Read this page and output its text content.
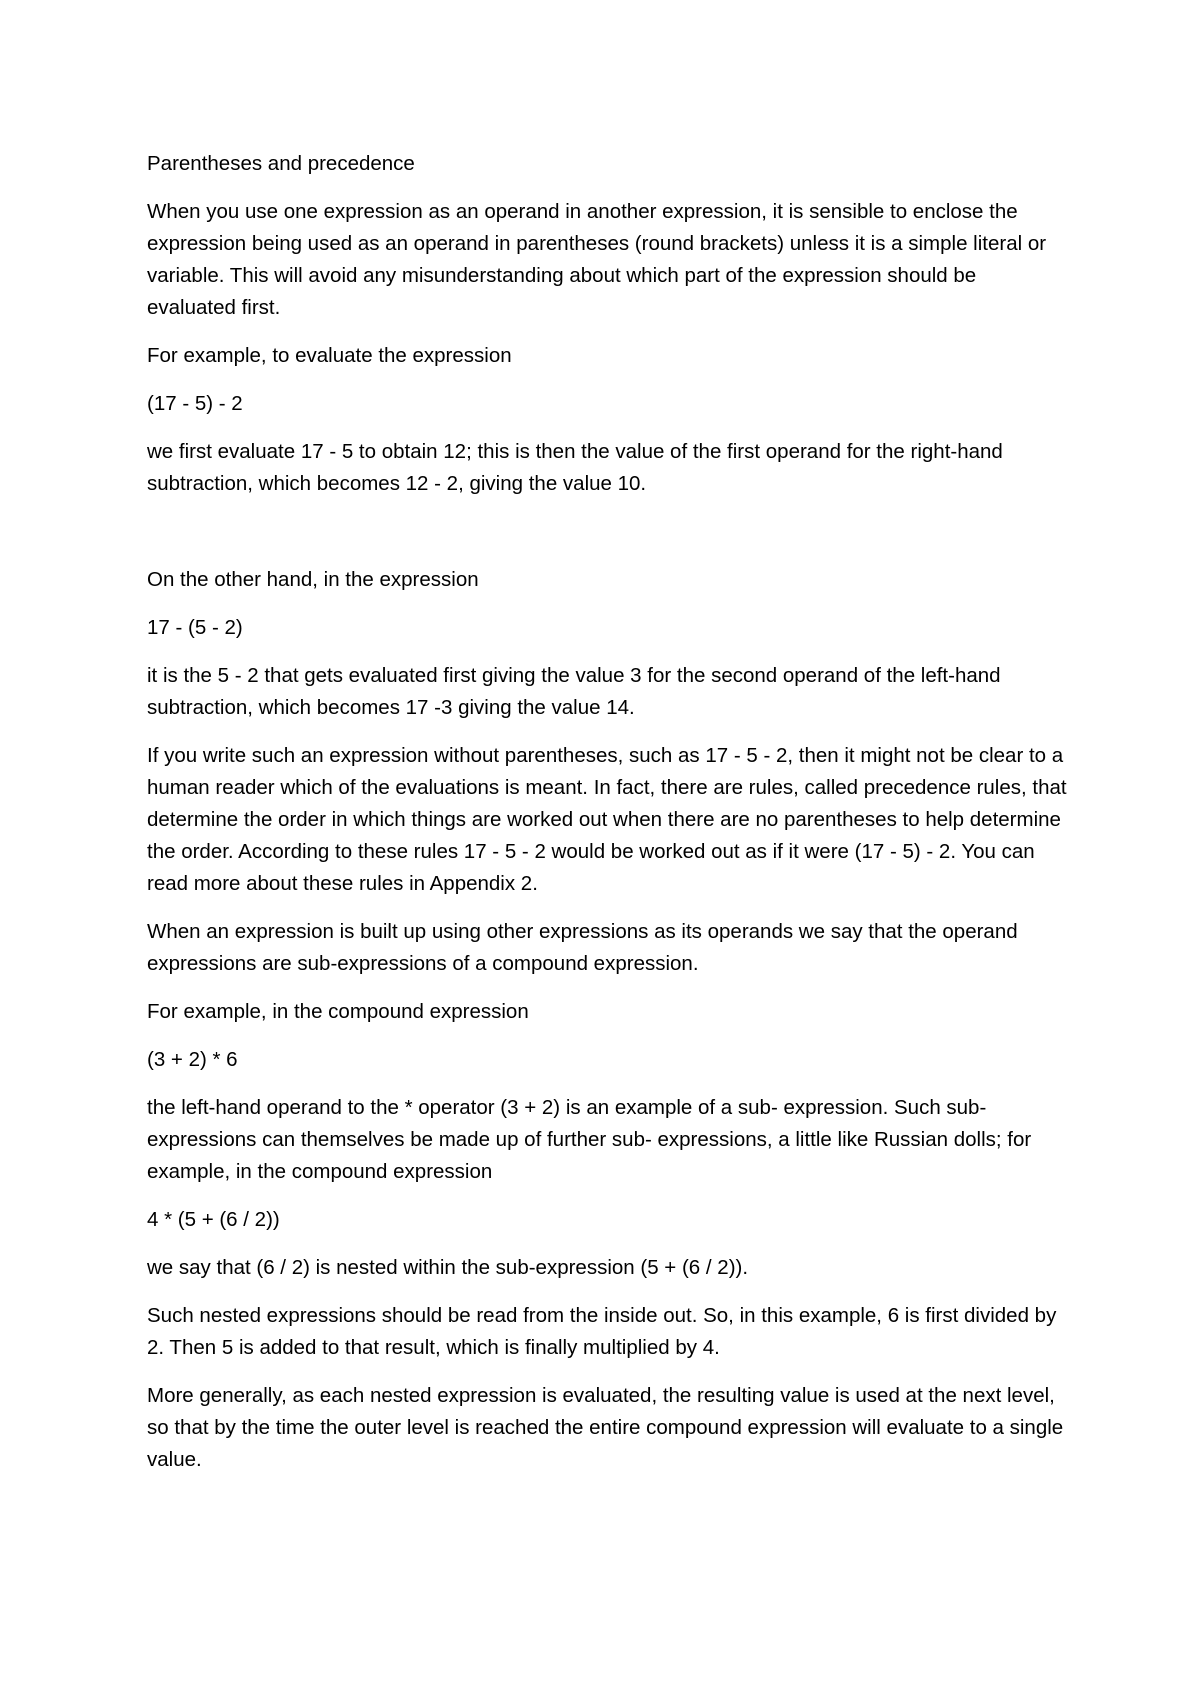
Parentheses and precedence

When you use one expression as an operand in another expression, it is sensible to enclose the expression being used as an operand in parentheses (round brackets) unless it is a simple literal or variable. This will avoid any misunderstanding about which part of the expression should be evaluated first.

For example, to evaluate the expression

(17 - 5) - 2

we first evaluate 17 - 5 to obtain 12; this is then the value of the first operand for the right-hand subtraction, which becomes 12 - 2, giving the value 10.

On the other hand, in the expression

17 - (5 - 2)

it is the 5 - 2 that gets evaluated first giving the value 3 for the second operand of the left-hand subtraction, which becomes 17 -3 giving the value 14.

If you write such an expression without parentheses, such as 17 - 5 - 2, then it might not be clear to a human reader which of the evaluations is meant. In fact, there are rules, called precedence rules, that determine the order in which things are worked out when there are no parentheses to help determine the order. According to these rules 17 - 5 - 2 would be worked out as if it were (17 - 5) - 2. You can read more about these rules in Appendix 2.

When an expression is built up using other expressions as its operands we say that the operand expressions are sub-expressions of a compound expression.

For example, in the compound expression

(3 + 2) * 6

the left-hand operand to the * operator (3 + 2) is an example of a sub- expression. Such sub-expressions can themselves be made up of further sub- expressions, a little like Russian dolls; for example, in the compound expression

4 * (5 + (6 / 2))

we say that (6 / 2) is nested within the sub-expression (5 + (6 / 2)).

Such nested expressions should be read from the inside out. So, in this example, 6 is first divided by 2. Then 5 is added to that result, which is finally multiplied by 4.

More generally, as each nested expression is evaluated, the resulting value is used at the next level, so that by the time the outer level is reached the entire compound expression will evaluate to a single value.
